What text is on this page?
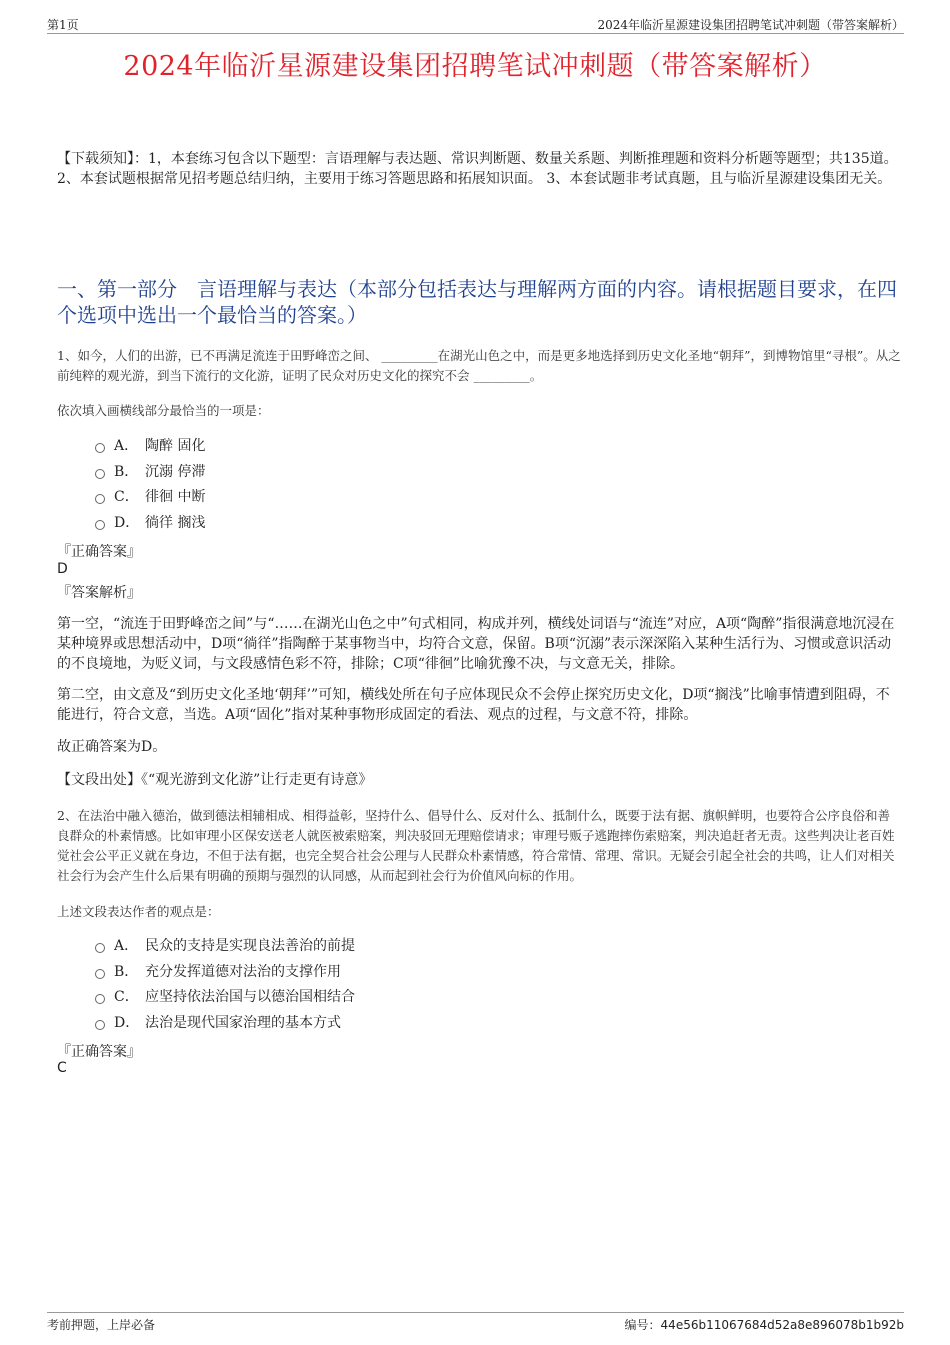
第1页	2024年临沂星源建设集团招聘笔试冲刺题（带答案解析）
2024年临沂星源建设集团招聘笔试冲刺题（带答案解析）
【下载须知】：1，本套练习包含以下题型：言语理解与表达题、常识判断题、数量关系题、判断推理题和资料分析题等题型；共135道。 2、本套试题根据常见招考题总结归纳，主要用于练习答题思路和拓展知识面。 3、本套试题非考试真题，且与临沂星源建设集团无关。
一、第一部分　言语理解与表达（本部分包括表达与理解两方面的内容。请根据题目要求，在四个选项中选出一个最恰当的答案。）
1、如今，人们的出游，已不再满足流连于田野峰峦之间、 _________在湖光山色之中，而是更多地选择到历史文化圣地“朝拜”，到博物馆里“寻根”。从之前纯粹的观光游，到当下流行的文化游，证明了民众对历史文化的探究不会 _________。
依次填入画横线部分最恰当的一项是：
A． 陶醉 固化
B． 沉溺 停滞
C． 徘徊 中断
D． 徜徉 搁浅
『正确答案』
D
『答案解析』
第一空，“流连于田野峰峦之间”与“……在湖光山色之中”句式相同，构成并列，横线处词语与“流连”对应，A项“陶醉”指很满意地沉浸在某种境界或思想活动中，D项“徜徉”指陶醉于某事物当中，均符合文意，保留。B项“沉溺”表示深深陷入某种生活行为、习惯或意识活动的不良境地，为贬义词，与文段感情色彩不符，排除；C项“徘徊”比喻犹豫不决，与文意无关，排除。
第二空，由文意及“到历史文化圣地‘朝拜’”可知，横线处所在句子应体现民众不会停止探究历史文化，D项“搁浅”比喻事情遭到阻碍，不能进行，符合文意，当选。A项“固化”指对某种事物形成固定的看法、观点的过程，与文意不符，排除。
故正确答案为D。
【文段出处】《“观光游到文化游”让行走更有诗意》
2、在法治中融入德治，做到德法相辅相成、相得益彰，坚持什么、倡导什么、反对什么、抵制什么，既要于法有据、旗帜鲜明，也要符合公序良俗和善良群众的朴素情感。比如审理小区保安送老人就医被索赔案，判决驳回无理赔偿请求；审理号贩子逃跑摔伤索赔案，判决追赶者无责。这些判决让老百姓觉社会公平正义就在身边，不但于法有据，也完全契合社会公理与人民群众朴素情感，符合常情、常理、常识。无疑会引起全社会的共鸣，让人们对相关社会行为会产生什么后果有明确的预期与强烈的认同感，从而起到社会行为价值风向标的作用。
上述文段表达作者的观点是：
A． 民众的支持是实现良法善治的前提
B． 充分发挥道德对法治的支撑作用
C． 应坚持依法治国与以德治国相结合
D． 法治是现代国家治理的基本方式
『正确答案』
C
考前押题，上岸必备	编号：44e56b11067684d52a8e896078b1b92b
